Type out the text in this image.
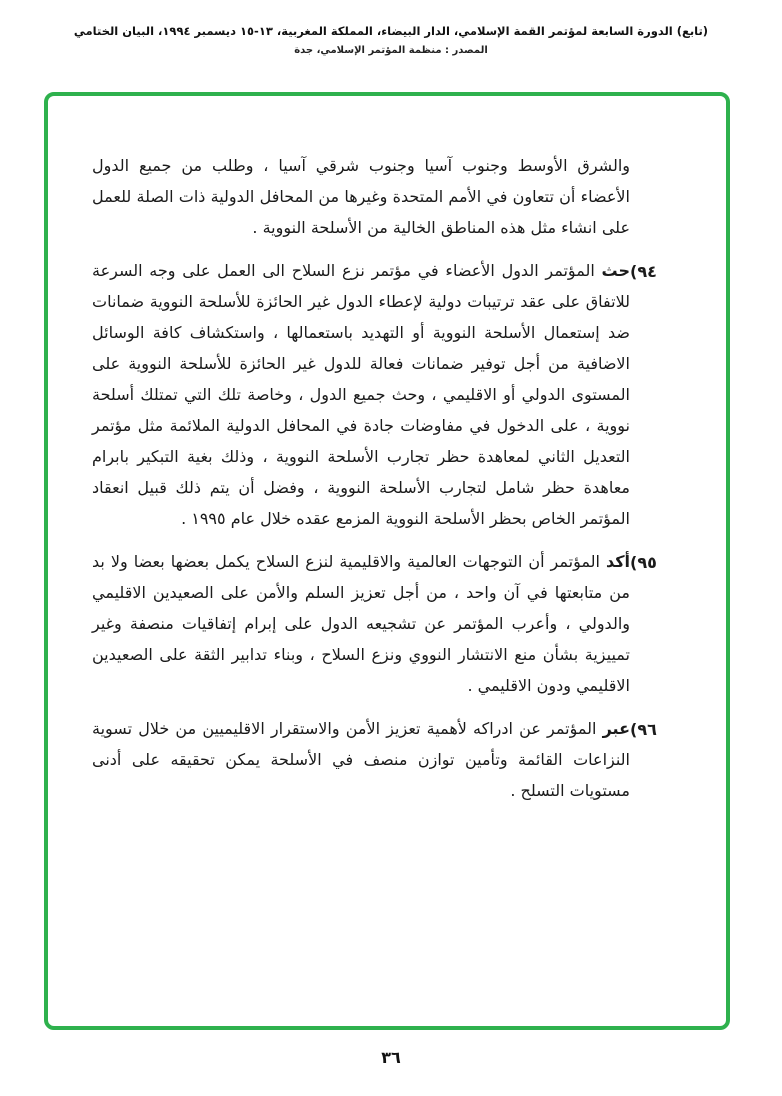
(تابع) الدورة السابعة لمؤتمر القمة الإسلامي، الدار البيضاء، المملكة المغربية، ١٣-١٥ ديسمبر ١٩٩٤، البيان الختامي
المصدر : منظمة المؤتمر الإسلامي، جدة
والشرق الأوسط وجنوب آسيا وجنوب شرقي آسيا ، وطلب من جميع الدول الأعضاء أن تتعاون في الأمم المتحدة وغيرها من المحافل الدولية ذات الصلة للعمل على انشاء مثل هذه المناطق الخالية من الأسلحة النووية .
(٩٤
حث المؤتمر الدول الأعضاء في مؤتمر نزع السلاح الى العمل على وجه السرعة للاتفاق على عقد ترتيبات دولية لإعطاء الدول غير الحائزة للأسلحة النووية ضمانات ضد إستعمال الأسلحة النووية أو التهديد باستعمالها ، واستكشاف كافة الوسائل الاضافية من أجل توفير ضمانات فعالة للدول غير الحائزة للأسلحة النووية على المستوى الدولي أو الاقليمي ، وحث جميع الدول ، وخاصة تلك التي تمتلك أسلحة نووية ، على الدخول في مفاوضات جادة في المحافل الدولية الملائمة مثل مؤتمر التعديل الثاني لمعاهدة حظر تجارب الأسلحة النووية ، وذلك بغية التبكير بابرام معاهدة حظر شامل لتجارب الأسلحة النووية ، وفضل أن يتم ذلك قبيل انعقاد المؤتمر الخاص بحظر الأسلحة النووية المزمع عقده خلال عام ١٩٩٥ .
(٩٥
أكد المؤتمر أن التوجهات العالمية والاقليمية لنزع السلاح يكمل بعضها بعضا ولا بد من متابعتها في آن واحد ، من أجل تعزيز السلم والأمن على الصعيدين الاقليمي والدولي ، وأعرب المؤتمر عن تشجيعه الدول على إبرام إتفاقيات منصفة وغير تمييزية بشأن منع الانتشار النووي ونزع السلاح ، وبناء تدابير الثقة على الصعيدين الاقليمي ودون الاقليمي .
(٩٦
عبر المؤتمر عن ادراكه لأهمية تعزيز الأمن والاستقرار الاقليميين من خلال تسوية النزاعات القائمة وتأمين توازن منصف في الأسلحة يمكن تحقيقه على أدنى مستويات التسلح .
٣٦
